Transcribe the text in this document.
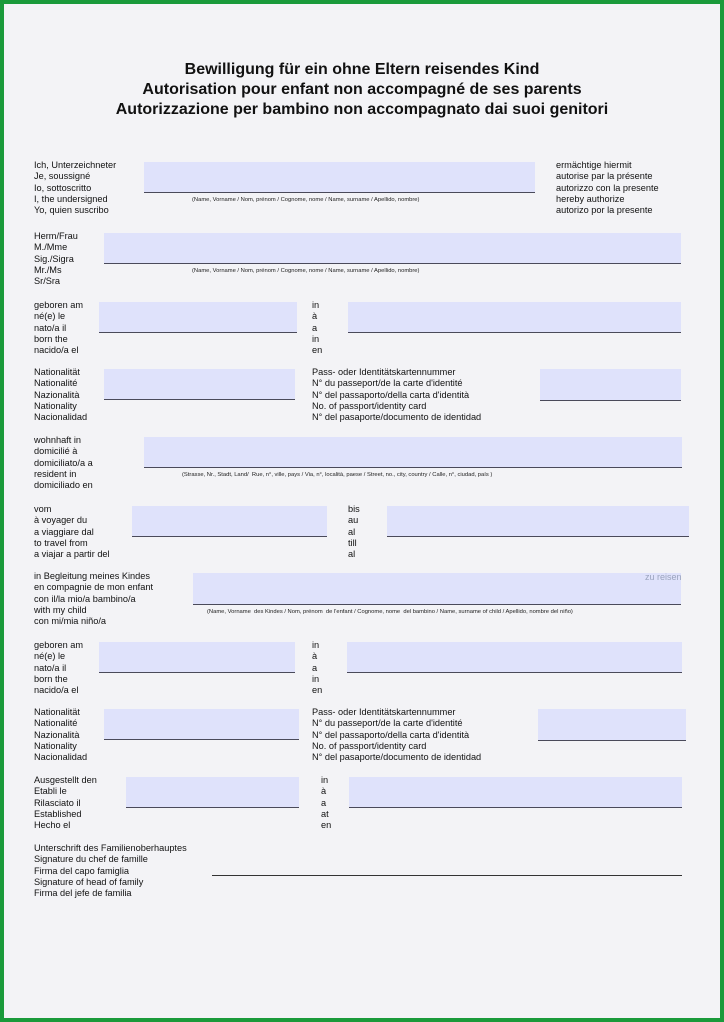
Bewilligung für ein ohne Eltern reisendes Kind
Autorisation pour enfant non accompagné de ses parents
Autorizzazione per bambino non accompagnato dai suoi genitori
Ich, Unterzeichneter
Je, soussigné
Io, sottoscritto
I, the undersigned
Yo, quien suscribo
(Name, Vorname / Nom, prénom / Cognome, nome / Name, surname / Apellido, nombre)
ermächtige hiermit
autorise par la présente
autorizzo con la presente
hereby authorize
autorizo por la presente
Herm/Frau
M./Mme
Sig./Sigra
Mr./Ms
Sr/Sra
(Name, Vorname / Nom, prénom / Cognome, nome / Name, surname / Apellido, nombre)
geboren am
né(e) le
nato/a il
born the
nacido/a el
in
à
a
in
en
Nationalität
Nationalité
Nazionalità
Nationality
Nacionalidad
Pass- oder Identitätskartennummer
N° du passeport/de la carte d'identité
N° del passaporto/della carta d'identità
No. of passport/identity card
N° del pasaporte/documento de identidad
wohnhaft in
domicilié à
domiciliato/a a
resident in
domiciliado en
(Strasse, Nr., Stadt, Land/  Rue, n°, ville, pays / Via, n°, località, paese / Street, no., city, country / Calle, n°, ciudad, país )
vom
à voyager du
a viaggiare dal
to travel from
a viajar a partir del
bis
au
al
till
al
in Begleitung meines Kindes
en compagnie de mon enfant
con il/la mio/a bambino/a
with my child
con mi/mia niño/a
zu reisen
(Name, Vorname  des Kindes / Nom, prénom  de l'enfant / Cognome, nome  del bambino / Name, surname of child / Apellido, nombre del niño)
geboren am
né(e) le
nato/a il
born the
nacido/a el
in
à
a
in
en
Nationalität
Nationalité
Nazionalità
Nationality
Nacionalidad
Pass- oder Identitätskartennummer
N° du passeport/de la carte d'identité
N° del passaporto/della carta d'identità
No. of passport/identity card
N° del pasaporte/documento de identidad
Ausgestellt den
Etabli le
Rilasciato il
Established
Hecho el
in
à
a
at
en
Unterschrift des Familienoberhauptes
Signature du chef de famille
Firma del capo famiglia
Signature of head of family
Firma del jefe de familia
